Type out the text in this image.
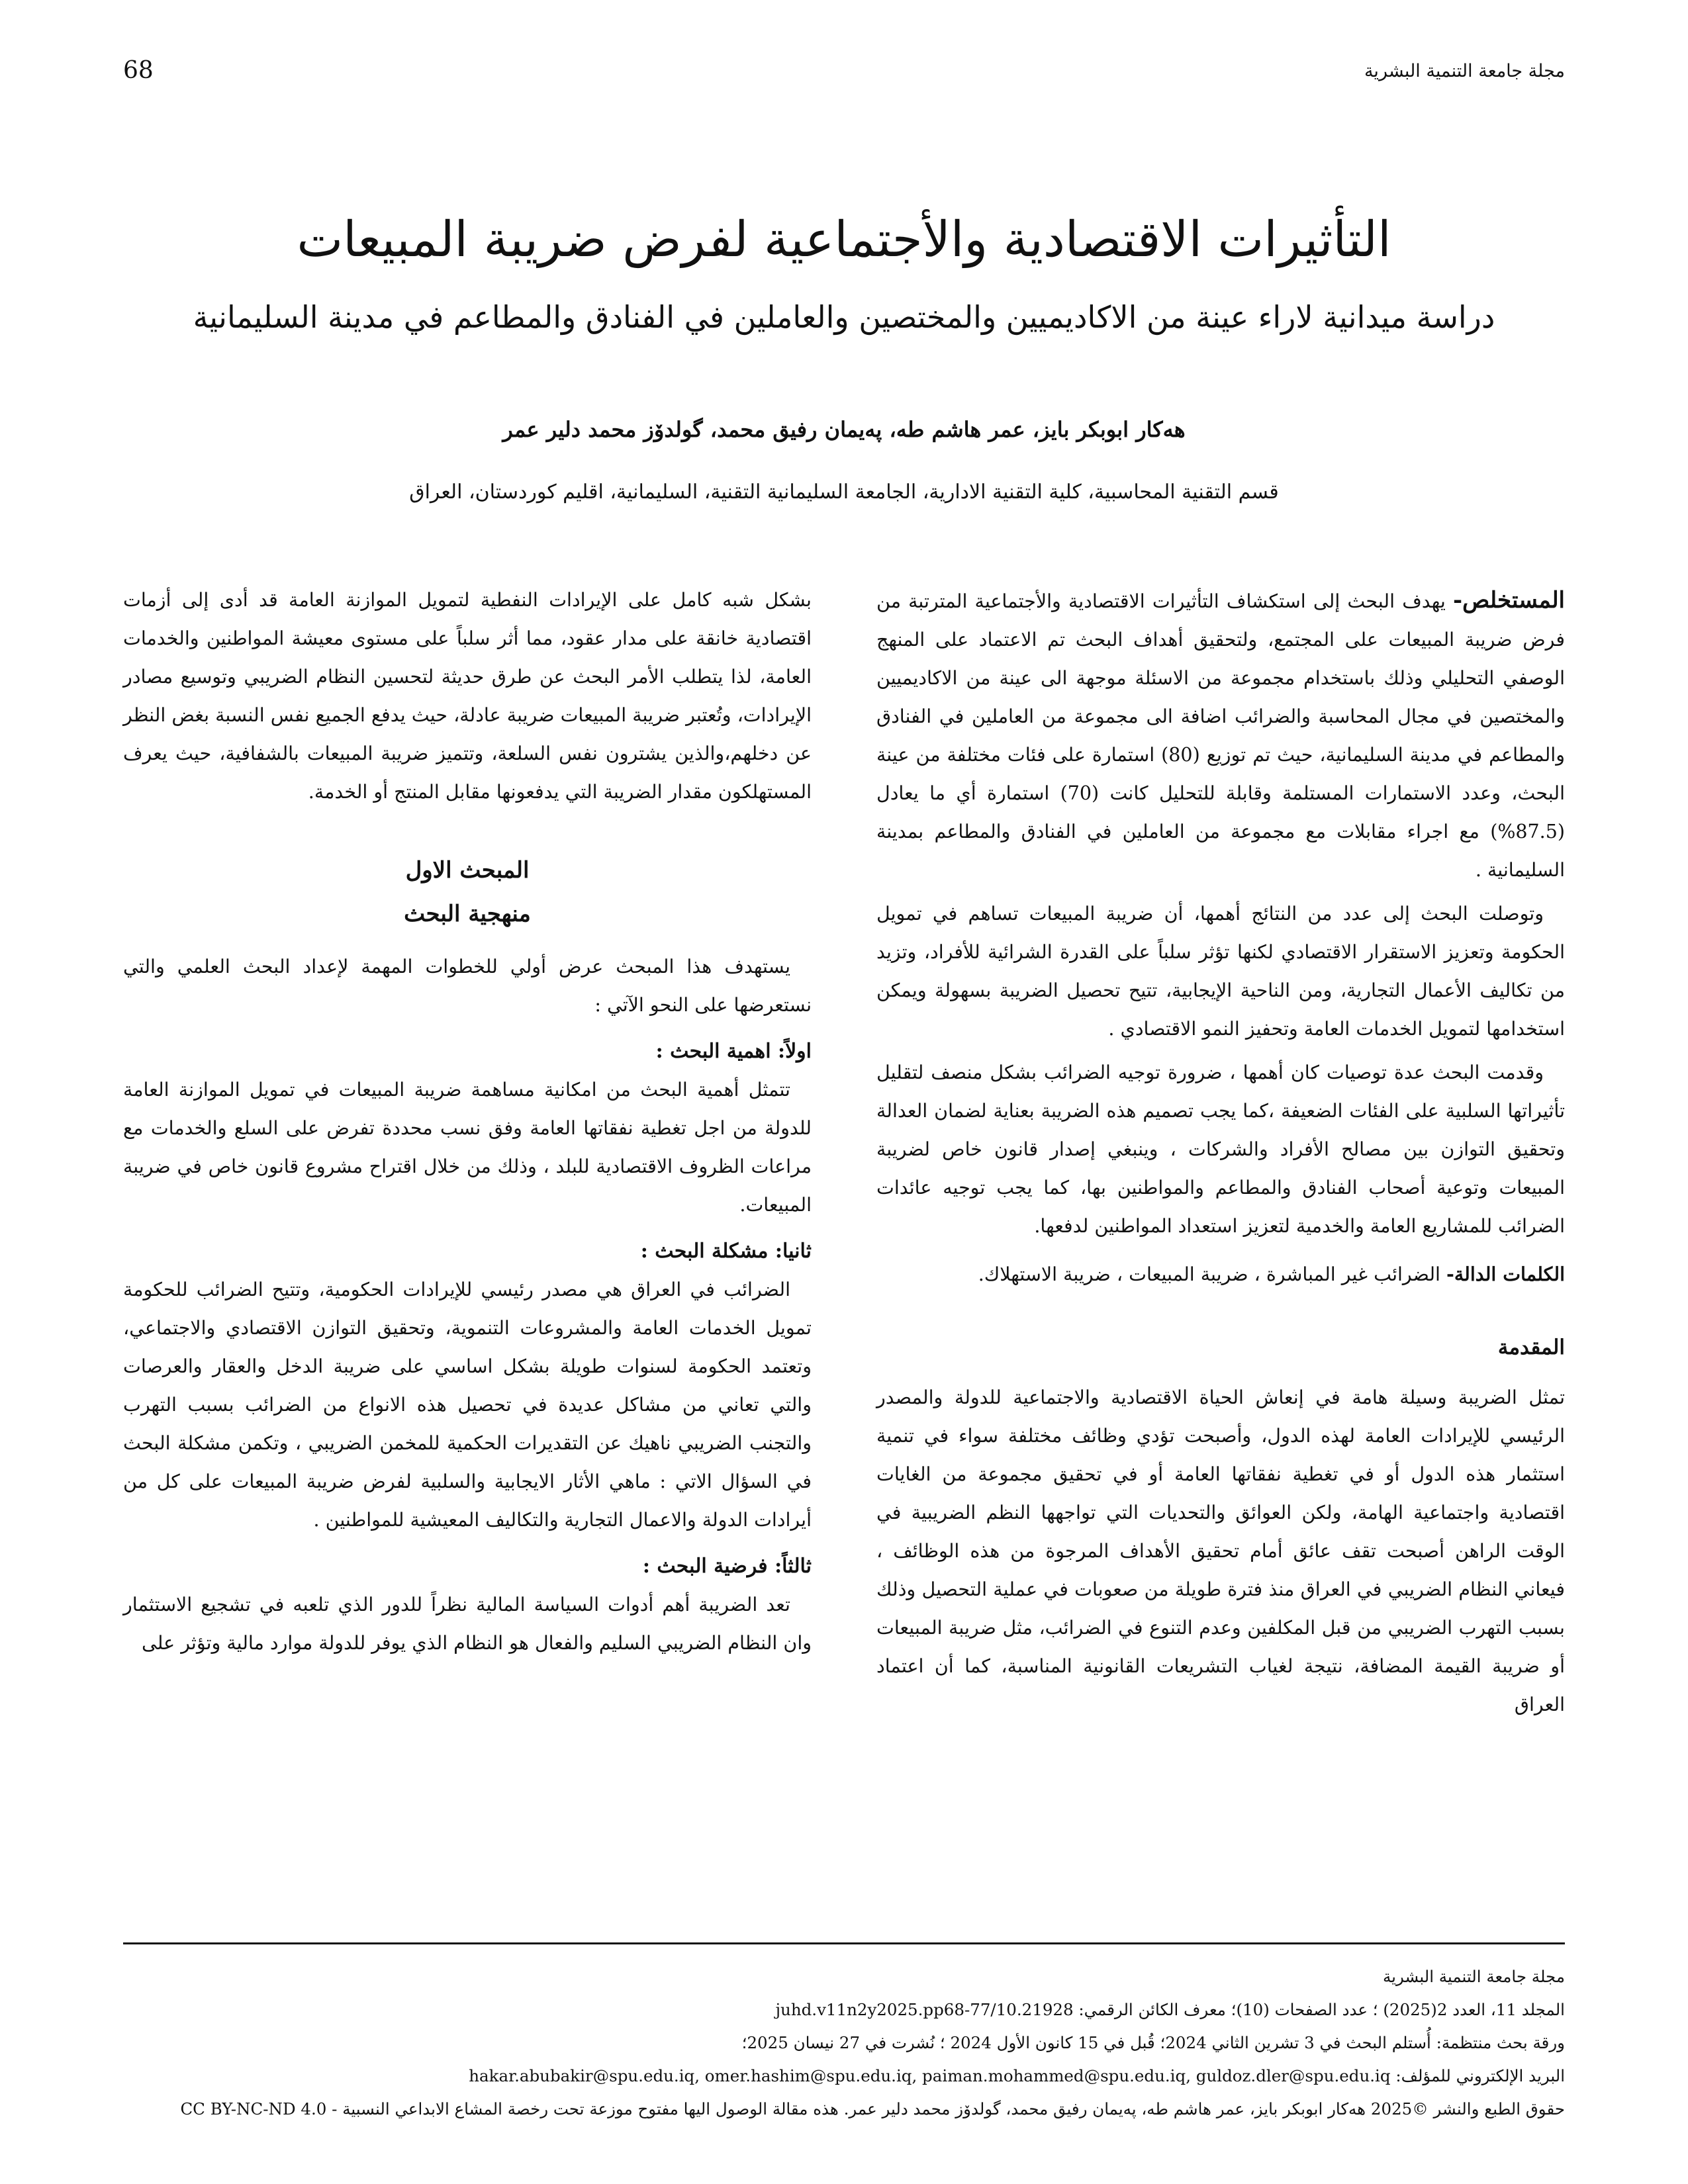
مجلة جامعة التنمية البشرية
68
التأثيرات الاقتصادية والأجتماعية لفرض ضريبة المبيعات
دراسة ميدانية لاراء عينة من الاكاديميين والمختصين والعاملين في الفنادق والمطاعم في مدينة السليمانية
هەكار ابوبكر بايز، عمر هاشم طه، پەیمان رفيق محمد، گولدۆز محمد دلير عمر
قسم التقنية المحاسبية، كلية التقنية الادارية، الجامعة السليمانية التقنية، السليمانية، اقليم كوردستان، العراق

المستخلص- يهدف البحث إلى استكشاف التأثيرات الاقتصادية والأجتماعية المترتبة من فرض ضريبة المبيعات على المجتمع، ولتحقيق أهداف البحث تم الاعتماد على المنهج الوصفي التحليلي وذلك باستخدام مجموعة من الاسئلة موجهة الى عينة من الاكاديميين والمختصين في مجال المحاسبة والضرائب اضافة الى مجموعة من العاملين في الفنادق والمطاعم في مدينة السليمانية، حيث تم توزيع (80) استمارة على فئات مختلفة من عينة البحث، وعدد الاستمارات المستلمة وقابلة للتحليل كانت (70) استمارة أي ما يعادل (87.5%) مع اجراء مقابلات مع مجموعة من العاملين في الفنادق والمطاعم بمدينة السليمانية .

وتوصلت البحث إلى عدد من النتائج أهمها، أن ضريبة المبيعات تساهم في تمويل الحكومة وتعزيز الاستقرار الاقتصادي لكنها تؤثر سلباً على القدرة الشرائية للأفراد، وتزيد من تكاليف الأعمال التجارية، ومن الناحية الإيجابية، تتيح تحصيل الضريبة بسهولة ويمكن استخدامها لتمويل الخدمات العامة وتحفيز النمو الاقتصادي .

وقدمت البحث عدة توصيات كان أهمها ، ضرورة توجيه الضرائب بشكل منصف لتقليل تأثيراتها السلبية على الفئات الضعيفة ،كما يجب تصميم هذه الضريبة بعناية لضمان العدالة وتحقيق التوازن بين مصالح الأفراد والشركات ، وينبغي إصدار قانون خاص لضريبة المبيعات وتوعية أصحاب الفنادق والمطاعم والمواطنين بها، كما يجب توجيه عائدات الضرائب للمشاريع العامة والخدمية لتعزيز استعداد المواطنين لدفعها.

الكلمات الدالة- الضرائب غير المباشرة ، ضريبة المبيعات ، ضريبة الاستهلاك.

المقدمة

تمثل الضريبة وسيلة هامة في إنعاش الحياة الاقتصادية والاجتماعية للدولة والمصدر الرئيسي للإيرادات العامة لهذه الدول، وأصبحت تؤدي وظائف مختلفة سواء في تنمية استثمار هذه الدول أو في تغطية نفقاتها العامة أو في تحقيق مجموعة من الغايات اقتصادية واجتماعية الهامة، ولكن العوائق والتحديات التي تواجهها النظم الضريبية في الوقت الراهن أصبحت تقف عائق أمام تحقيق الأهداف المرجوة من هذه الوظائف ، فيعاني النظام الضريبي في العراق منذ فترة طويلة من صعوبات في عملية التحصيل وذلك بسبب التهرب الضريبي من قبل المكلفين وعدم التنوع في الضرائب، مثل ضريبة المبيعات أو ضريبة القيمة المضافة، نتيجة لغياب التشريعات القانونية المناسبة، كما أن اعتماد العراق

بشكل شبه كامل على الإيرادات النفطية لتمويل الموازنة العامة قد أدى إلى أزمات اقتصادية خانقة على مدار عقود، مما أثر سلباً على مستوى معيشة المواطنين والخدمات العامة، لذا يتطلب الأمر البحث عن طرق حديثة لتحسين النظام الضريبي وتوسيع مصادر الإيرادات، وتُعتبر ضريبة المبيعات ضريبة عادلة، حيث يدفع الجميع نفس النسبة بغض النظر عن دخلهم،والذين يشترون نفس السلعة، وتتميز ضريبة المبيعات بالشفافية، حيث يعرف المستهلكون مقدار الضريبة التي يدفعونها مقابل المنتج أو الخدمة.

المبحث الاول

منهجية البحث

يستهدف هذا المبحث عرض أولي للخطوات المهمة لإعداد البحث العلمي والتي نستعرضها على النحو الآتي :

اولاً: اهمية البحث :

تتمثل أهمية البحث من امكانية مساهمة ضريبة المبيعات في تمويل الموازنة العامة للدولة من اجل تغطية نفقاتها العامة وفق نسب محددة تفرض على السلع والخدمات مع مراعات الظروف الاقتصادية للبلد ، وذلك من خلال اقتراح مشروع قانون خاص في ضريبة المبيعات.

ثانيا: مشكلة البحث :

الضرائب في العراق هي مصدر رئيسي للإيرادات الحكومية، وتتيح الضرائب للحكومة تمويل الخدمات العامة والمشروعات التنموية، وتحقيق التوازن الاقتصادي والاجتماعي، وتعتمد الحكومة لسنوات طويلة بشكل اساسي على ضريبة الدخل والعقار والعرصات والتي تعاني من مشاكل عديدة في تحصيل هذه الانواع من الضرائب بسبب التهرب والتجنب الضريبي ناهيك عن التقديرات الحكمية للمخمن الضريبي ، وتكمن مشكلة البحث في السؤال الاتي : ماهي الأثار الايجابية والسلبية لفرض ضريبة المبيعات على كل من أيرادات الدولة والاعمال التجارية والتكاليف المعيشية للمواطنين .

ثالثاً: فرضية البحث :

تعد الضريبة أهم أدوات السياسة المالية نظراً للدور الذي تلعبه في تشجيع الاستثمار وان النظام الضريبي السليم والفعال هو النظام الذي يوفر للدولة موارد مالية وتؤثر على

مجلة جامعة التنمية البشرية

المجلد 11، العدد 2(2025) ؛ عدد الصفحات (10)؛ معرف الكائن الرقمي: 10.21928/juhd.v11n2y2025.pp68-77

ورقة بحث منتظمة: أُستلم البحث في 3 تشرين الثاني 2024؛ قُبل في 15 كانون الأول 2024 ؛ نُشرت في 27 نيسان 2025؛

البريد الإلكتروني للمؤلف: hakar.abubakir@spu.edu.iq, omer.hashim@spu.edu.iq, paiman.mohammed@spu.edu.iq, guldoz.dler@spu.edu.iq

حقوق الطبع والنشر ©2025 هەكار ابوبكر بايز، عمر هاشم طه، پەیمان رفيق محمد، گولدۆز محمد دلير عمر. هذه مقالة الوصول اليها مفتوح موزعة تحت رخصة المشاع الابداعي النسبية - CC BY-NC-ND 4.0
